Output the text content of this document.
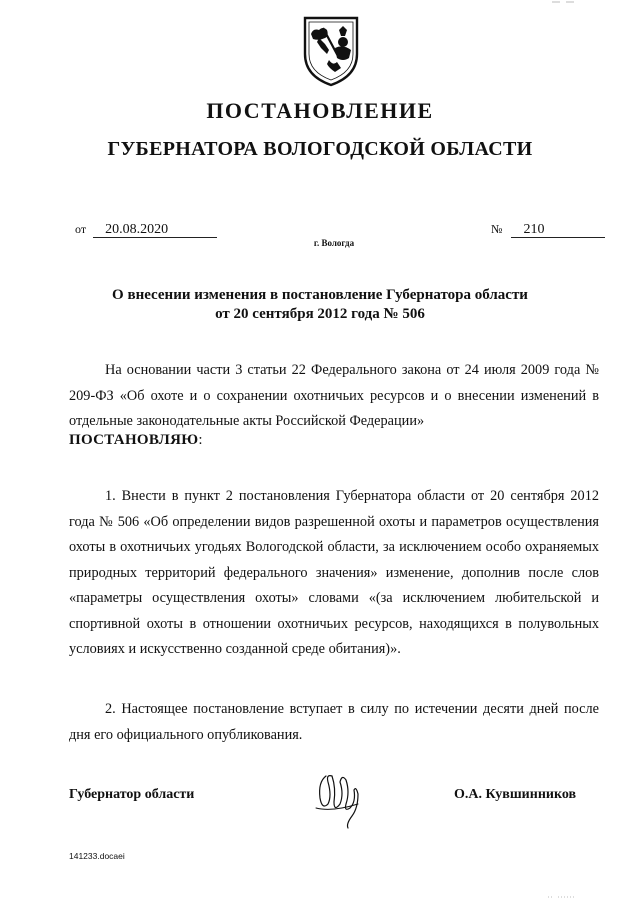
ПОСТАНОВЛЕНИЕ
ГУБЕРНАТОРА ВОЛОГОДСКОЙ ОБЛАСТИ
от 20.08.2020	№ 210
г. Вологда
О внесении изменения в постановление Губернатора области
от 20 сентября 2012 года № 506

На основании части 3 статьи 22 Федерального закона от 24 июля 2009 года № 209-ФЗ «Об охоте и о сохранении охотничьих ресурсов и о внесении изменений в отдельные законодательные акты Российской Федерации»

ПОСТАНОВЛЯЮ:

1. Внести в пункт 2 постановления Губернатора области от 20 сентября 2012 года № 506 «Об определении видов разрешенной охоты и параметров осуществления охоты в охотничьих угодьях Вологодской области, за исключением особо охраняемых природных территорий федерального значения» изменение, дополнив после слов «параметры осуществления охоты» словами «(за исключением любительской и спортивной охоты в отношении охотничьих ресурсов, находящихся в полувольных условиях и искусственно созданной среде обитания)».

2. Настоящее постановление вступает в силу по истечении десяти дней после дня его официального опубликования.

Губернатор области	О.А. Кувшинников
141233.docaei
